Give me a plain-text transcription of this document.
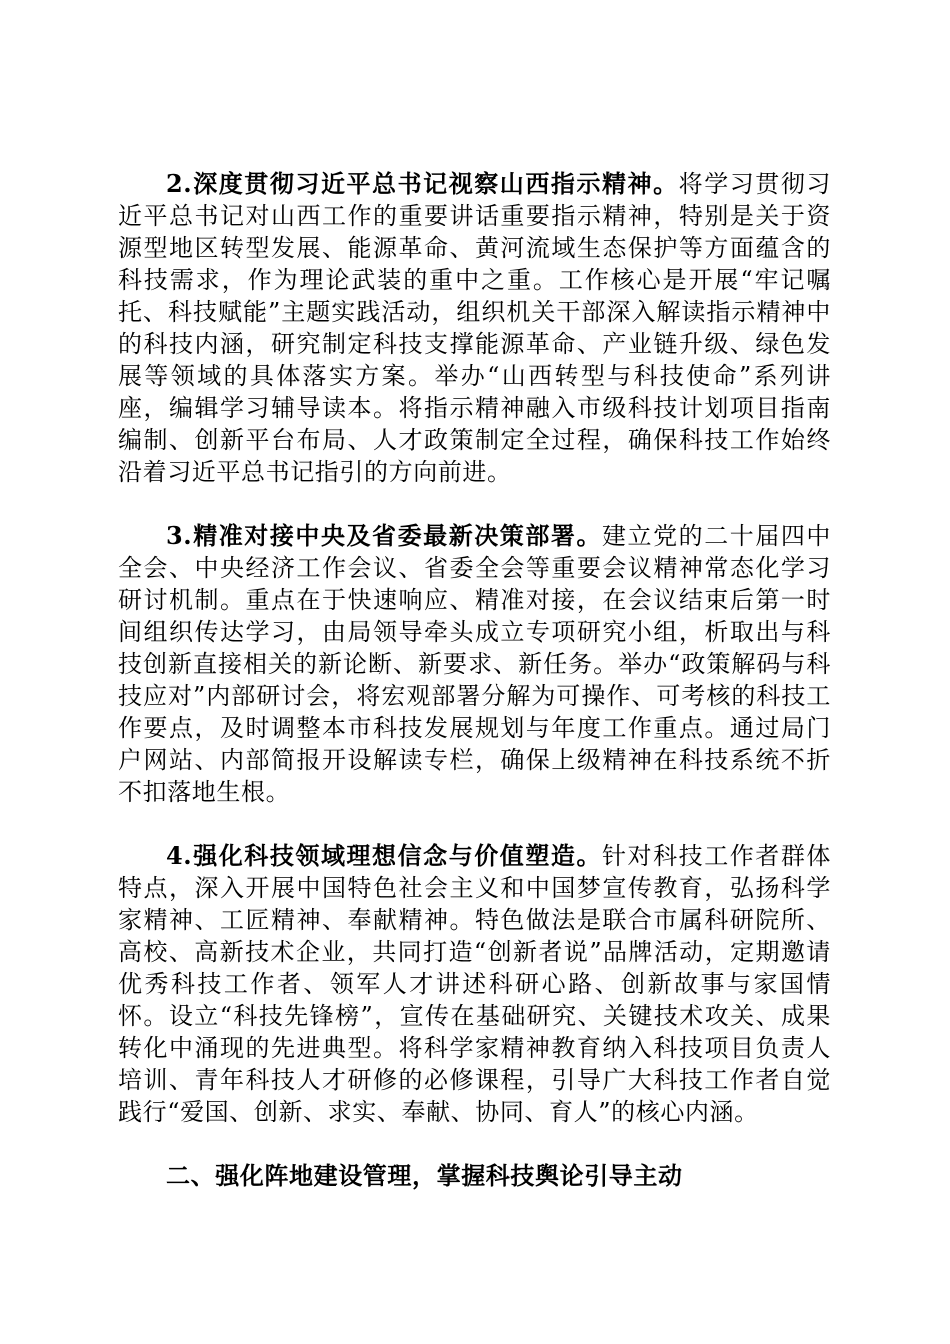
2.深度贯彻习近平总书记视察山西指示精神。将学习贯彻习近平总书记对山西工作的重要讲话重要指示精神，特别是关于资源型地区转型发展、能源革命、黄河流域生态保护等方面蕴含的科技需求，作为理论武装的重中之重。工作核心是开展“牢记嘱托、科技赋能”主题实践活动，组织机关干部深入解读指示精神中的科技内涵，研究制定科技支撑能源革命、产业链升级、绿色发展等领域的具体落实方案。举办“山西转型与科技使命”系列讲座，编辑学习辅导读本。将指示精神融入市级科技计划项目指南编制、创新平台布局、人才政策制定全过程，确保科技工作始终沿着习近平总书记指引的方向前进。

3.精准对接中央及省委最新决策部署。建立党的二十届四中全会、中央经济工作会议、省委全会等重要会议精神常态化学习研讨机制。重点在于快速响应、精准对接，在会议结束后第一时间组织传达学习，由局领导牵头成立专项研究小组，析取出与科技创新直接相关的新论断、新要求、新任务。举办“政策解码与科技应对”内部研讨会，将宏观部署分解为可操作、可考核的科技工作要点，及时调整本市科技发展规划与年度工作重点。通过局门户网站、内部简报开设解读专栏，确保上级精神在科技系统不折不扣落地生根。

4.强化科技领域理想信念与价值塑造。针对科技工作者群体特点，深入开展中国特色社会主义和中国梦宣传教育，弘扬科学家精神、工匠精神、奉献精神。特色做法是联合市属科研院所、高校、高新技术企业，共同打造“创新者说”品牌活动，定期邀请优秀科技工作者、领军人才讲述科研心路、创新故事与家国情怀。设立“科技先锋榜”，宣传在基础研究、关键技术攻关、成果转化中涌现的先进典型。将科学家精神教育纳入科技项目负责人培训、青年科技人才研修的必修课程，引导广大科技工作者自觉践行“爱国、创新、求实、奉献、协同、育人”的核心内涵。

二、强化阵地建设管理，掌握科技舆论引导主动
